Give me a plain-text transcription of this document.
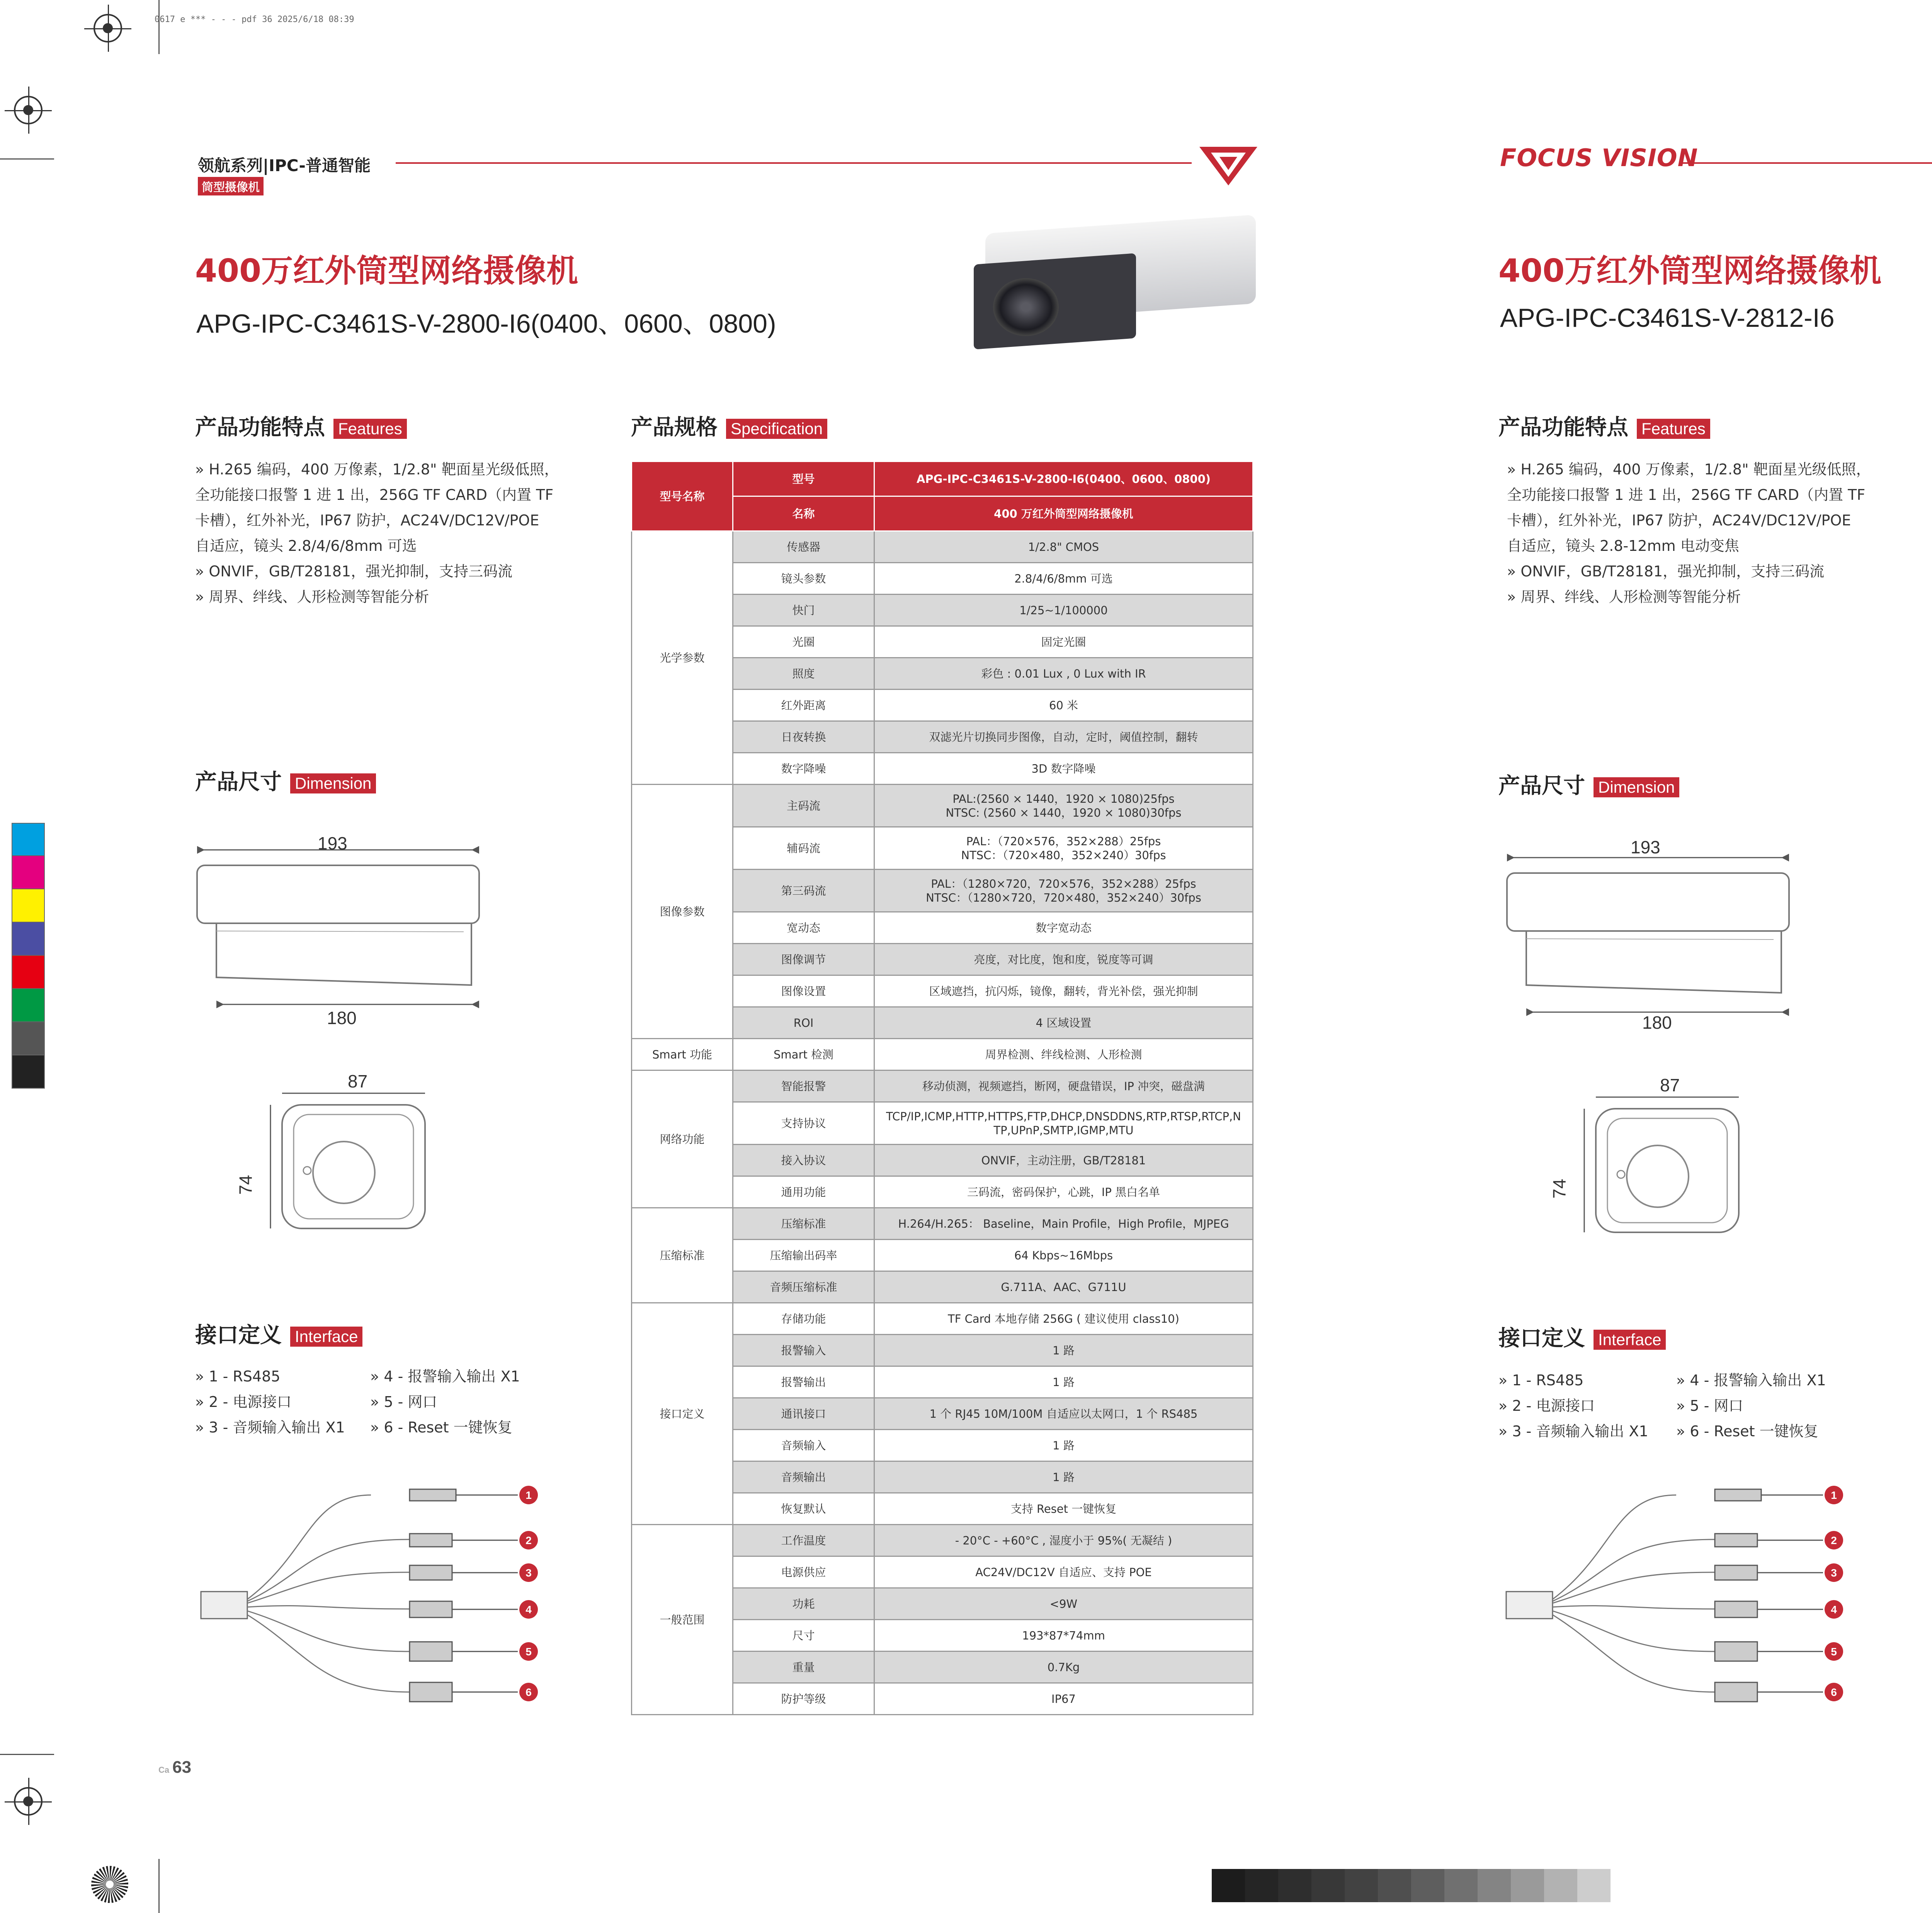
0617 e *** - - - pdf 36 2025/6/18 08:39
领航系列|IPC-普通智能
筒型摄像机
400万红外筒型网络摄像机
APG-IPC-C3461S-V-2800-I6(0400、0600、0800)
产品功能特点 Features
» H.265 编码，400 万像素，1/2.8" 靶面星光级低照，
全功能接口报警 1 进 1 出，256G TF CARD（内置 TF
卡槽），红外补光，IP67 防护，AC24V/DC12V/POE
自适应，镜头 2.8/4/6/8mm 可选
» ONVIF，GB/T28181，强光抑制，支持三码流
» 周界、绊线、人形检测等智能分析
产品尺寸 Dimension
193
180
87
74
接口定义 Interface
» 1 - RS485
» 2 - 电源接口
» 3 - 音频输入输出 X1
» 4 - 报警输入输出 X1
» 5 - 网口
» 6 - Reset 一键恢复
1
2
3
4
5
6
产品规格 Specification
型号名称	型号	APG-IPC-C3461S-V-2800-I6(0400、0600、0800)
	名称	400 万红外筒型网络摄像机
光学参数	传感器	1/2.8" CMOS

	镜头参数	2.8/4/6/8mm 可选

	快门	1/25~1/100000

	光圈	固定光圈

	照度	彩色 : 0.01 Lux , 0 Lux with IR

	红外距离	60 米

	日夜转换	双滤光片切换同步图像，自动，定时，阈值控制，翻转

	数字降噪	3D 数字降噪

图像参数	主码流	PAL:(2560 × 1440，1920 × 1080)25fps
NTSC: (2560 × 1440，1920 × 1080)30fps

	辅码流	PAL：（720×576，352×288）25fps
NTSC：（720×480，352×240）30fps

	第三码流	PAL：（1280×720，720×576，352×288）25fps
NTSC：（1280×720，720×480，352×240）30fps

	宽动态	数字宽动态

	图像调节	亮度，对比度，饱和度，锐度等可调

	图像设置	区域遮挡，抗闪烁，镜像，翻转，背光补偿，强光抑制

	ROI	4 区域设置

Smart 功能	Smart 检测	周界检测、绊线检测、人形检测

网络功能	智能报警	移动侦测，视频遮挡，断网，硬盘错误，IP 冲突，磁盘满

	支持协议	TCP/IP,ICMP,HTTP,HTTPS,FTP,DHCP,DNSDDNS,RTP,RTSP,RTCP,N
TP,UPnP,SMTP,IGMP,MTU

	接入协议	ONVIF，主动注册，GB/T28181

	通用功能	三码流，密码保护，心跳，IP 黑白名单

压缩标准	压缩标准	H.264/H.265： Baseline，Main Profile，High Profile，MJPEG

	压缩输出码率	64 Kbps~16Mbps

	音频压缩标准	G.711A、AAC、G711U

接口定义	存储功能	TF Card 本地存储 256G ( 建议使用 class10)

	报警输入	1 路

	报警输出	1 路

	通讯接口	1 个 RJ45 10M/100M 自适应以太网口，1 个 RS485

	音频输入	1 路

	音频输出	1 路

	恢复默认	支持 Reset 一键恢复

一般范围	工作温度	- 20°C - +60°C , 湿度小于 95%( 无凝结 )

	电源供应	AC24V/DC12V 自适应、支持 POE

	功耗	<9W

	尺寸	193*87*74mm

	重量	0.7Kg

	防护等级	IP67
Ca 63
FOCUS VISION
400万红外筒型网络摄像机
APG-IPC-C3461S-V-2812-I6
产品功能特点 Features
» H.265 编码，400 万像素，1/2.8" 靶面星光级低照，
全功能接口报警 1 进 1 出，256G TF CARD（内置 TF
卡槽），红外补光，IP67 防护，AC24V/DC12V/POE
自适应，镜头 2.8-12mm 电动变焦
» ONVIF，GB/T28181，强光抑制，支持三码流
» 周界、绊线、人形检测等智能分析
产品尺寸 Dimension
193
180
87
74
接口定义 Interface
» 1 - RS485
» 2 - 电源接口
» 3 - 音频输入输出 X1
» 4 - 报警输入输出 X1
» 5 - 网口
» 6 - Reset 一键恢复
1
2
3
4
5
6
